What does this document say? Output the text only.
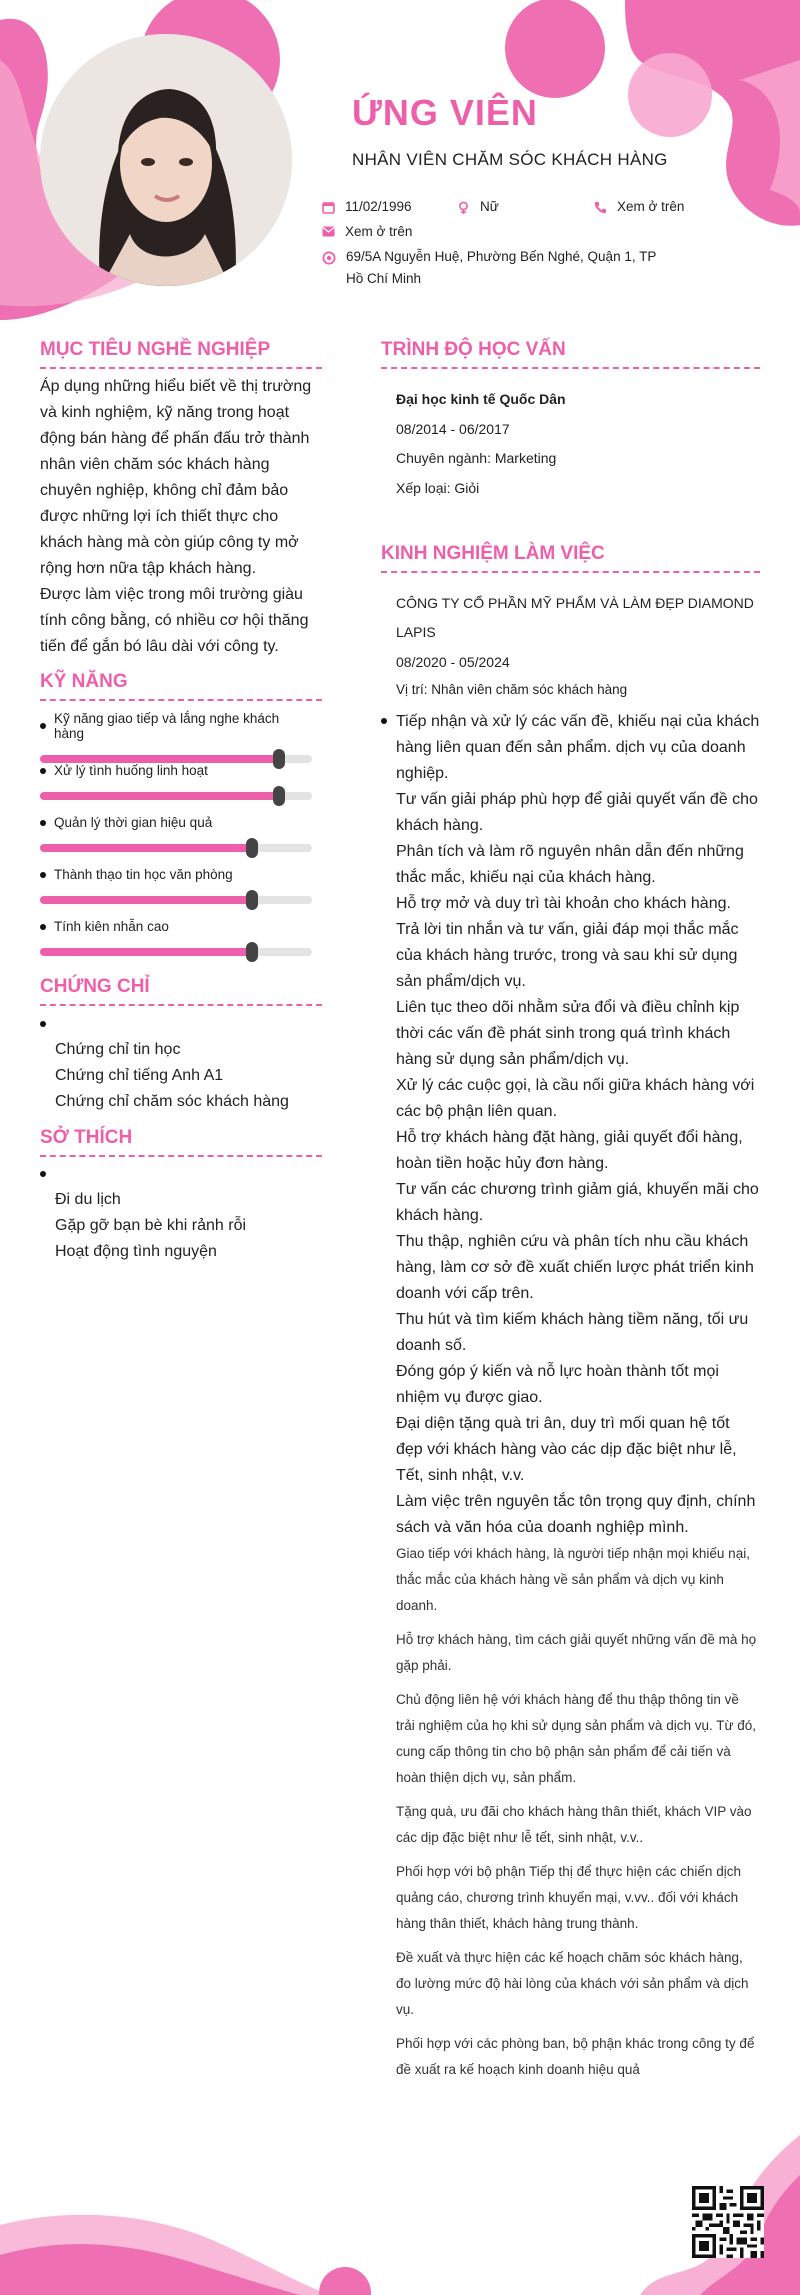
ỨNG VIÊN
NHÂN VIÊN CHĂM SÓC KHÁCH HÀNG
11/02/1996	Nữ	Xem ở trên
Xem ở trên
69/5A Nguyễn Huệ, Phường Bến Nghé, Quận 1, TP Hồ Chí Minh
MỤC TIÊU NGHỀ NGHIỆP
Áp dụng những hiểu biết về thị trường và kinh nghiệm, kỹ năng trong hoạt động bán hàng để phấn đấu trở thành nhân viên chăm sóc khách hàng chuyên nghiệp, không chỉ đảm bảo được những lợi ích thiết thực cho khách hàng mà còn giúp công ty mở rộng hơn nữa tập khách hàng.
Được làm việc trong môi trường giàu tính công bằng, có nhiều cơ hội thăng tiến để gắn bó lâu dài với công ty.
KỸ NĂNG
Kỹ năng giao tiếp và lắng nghe khách hàng
Xử lý tình huống linh hoạt
Quản lý thời gian hiệu quả
Thành thạo tin học văn phòng
Tính kiên nhẫn cao
CHỨNG CHỈ
Chứng chỉ tin học
Chứng chỉ tiếng Anh A1
Chứng chỉ chăm sóc khách hàng
SỞ THÍCH
Đi du lịch
Gặp gỡ bạn bè khi rảnh rỗi
Hoạt động tình nguyện
TRÌNH ĐỘ HỌC VẤN
Đại học kinh tế Quốc Dân
08/2014 - 06/2017
Chuyên ngành: Marketing
Xếp loại: Giỏi
KINH NGHIỆM LÀM VIỆC
CÔNG TY CỔ PHẦN MỸ PHẨM VÀ LÀM ĐẸP DIAMOND LAPIS
08/2020 - 05/2024
Vị trí: Nhân viên chăm sóc khách hàng
Tiếp nhận và xử lý các vấn đề, khiếu nại của khách hàng liên quan đến sản phẩm. dịch vụ của doanh nghiệp.
Tư vấn giải pháp phù hợp để giải quyết vấn đề cho khách hàng.
Phân tích và làm rõ nguyên nhân dẫn đến những thắc mắc, khiếu nại của khách hàng.
Hỗ trợ mở và duy trì tài khoản cho khách hàng.
Trả lời tin nhắn và tư vấn, giải đáp mọi thắc mắc của khách hàng trước, trong và sau khi sử dụng sản phẩm/dịch vụ.
Liên tục theo dõi nhằm sửa đổi và điều chỉnh kịp thời các vấn đề phát sinh trong quá trình khách hàng sử dụng sản phẩm/dịch vụ.
Xử lý các cuộc gọi, là cầu nối giữa khách hàng với các bộ phận liên quan.
Hỗ trợ khách hàng đặt hàng, giải quyết đổi hàng, hoàn tiền hoặc hủy đơn hàng.
Tư vấn các chương trình giảm giá, khuyến mãi cho khách hàng.
Thu thập, nghiên cứu và phân tích nhu cầu khách hàng, làm cơ sở đề xuất chiến lược phát triển kinh doanh với cấp trên.
Thu hút và tìm kiếm khách hàng tiềm năng, tối ưu doanh số.
Đóng góp ý kiến và nỗ lực hoàn thành tốt mọi nhiệm vụ được giao.
Đại diện tặng quà tri ân, duy trì mối quan hệ tốt đẹp với khách hàng vào các dịp đặc biệt như lễ, Tết, sinh nhật, v.v.
Làm việc trên nguyên tắc tôn trọng quy định, chính sách và văn hóa của doanh nghiệp mình.

Giao tiếp với khách hàng, là người tiếp nhận mọi khiếu nại, thắc mắc của khách hàng về sản phẩm và dịch vụ kinh doanh.

Hỗ trợ khách hàng, tìm cách giải quyết những vấn đề mà họ gặp phải.

Chủ động liên hệ với khách hàng để thu thập thông tin về trải nghiệm của họ khi sử dụng sản phẩm và dịch vụ. Từ đó, cung cấp thông tin cho bộ phận sản phẩm để cải tiến và hoàn thiện dịch vụ, sản phẩm.

Tặng quà, ưu đãi cho khách hàng thân thiết, khách VIP vào các dịp đặc biệt như lễ tết, sinh nhật, v.v..

Phối hợp với bộ phận Tiếp thị để thực hiện các chiến dịch quảng cáo, chương trình khuyến mại, v.vv.. đối với khách hàng thân thiết, khách hàng trung thành.

Đề xuất và thực hiện các kế hoạch chăm sóc khách hàng, đo lường mức độ hài lòng của khách với sản phẩm và dịch vụ.

Phối hợp với các phòng ban, bộ phận khác trong công ty để đề xuất ra kế hoạch kinh doanh hiệu quả
